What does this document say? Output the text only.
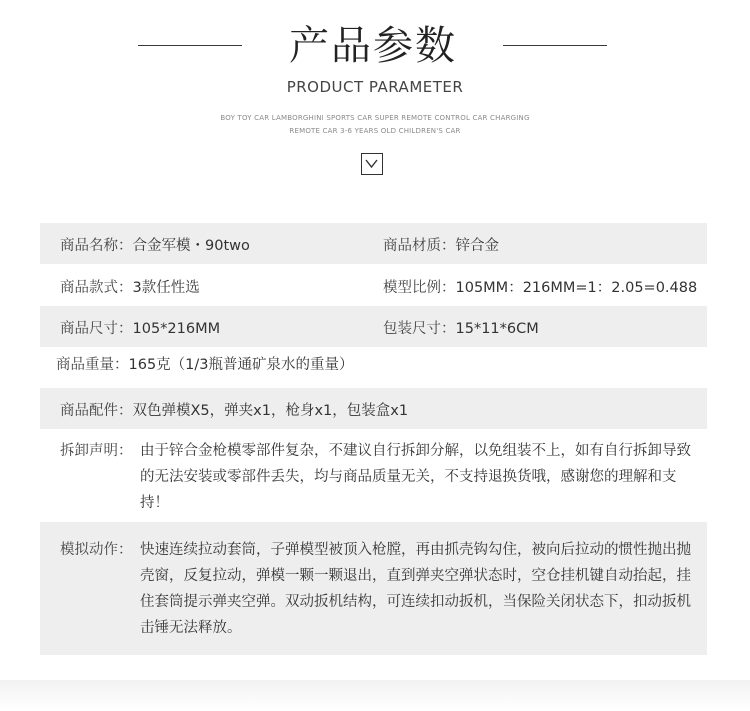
产品参数
PRODUCT PARAMETER
BOY TOY CAR LAMBORGHINI SPORTS CAR SUPER REMOTE CONTROL CAR CHARGING
REMOTE CAR 3-6 YEARS OLD CHILDREN'S CAR
商品名称：合金军模・90two	商品材质：锌合金
商品款式：3款任性选	模型比例：105MM：216MM=1：2.05=0.488
商品尺寸：105*216MM	包装尺寸：15*11*6CM
商品重量：165克（1/3瓶普通矿泉水的重量）
商品配件：双色弹模X5，弹夹x1，枪身x1，包装盒x1
拆卸声明： 由于锌合金枪模零部件复杂，不建议自行拆卸分解，以免组装不上，如有自行拆卸导致的无法安装或零部件丢失，均与商品质量无关，不支持退换货哦，感谢您的理解和支持！
模拟动作： 快速连续拉动套筒，子弹模型被顶入枪膛，再由抓壳钩勾住，被向后拉动的惯性抛出抛壳窗，反复拉动，弹模一颗一颗退出，直到弹夹空弹状态时，空仓挂机键自动抬起，挂住套筒提示弹夹空弹。双动扳机结构，可连续扣动扳机，当保险关闭状态下，扣动扳机击锤无法释放。
